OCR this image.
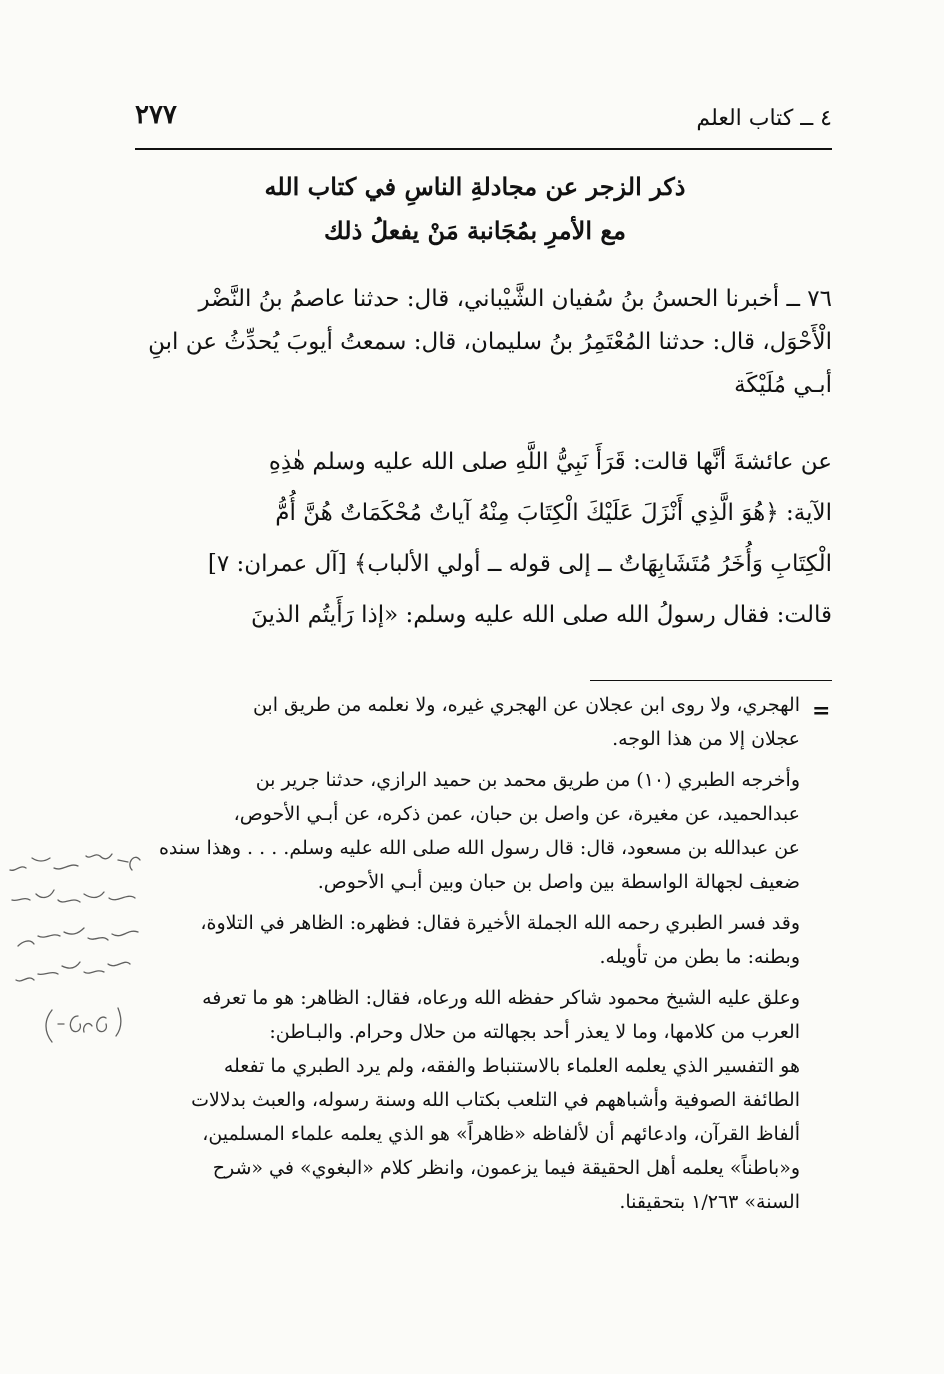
٢٧٧	٤ ــ كتاب العلم
ذكر الزجر عن مجادلةِ الناسِ في كتاب الله
مع الأمرِ بمُجَانبة مَنْ يفعلُ ذلك
٧٦ ــ أخبرنا الحسنُ بنُ سُفيان الشَّيْباني، قال: حدثنا عاصمُ بنُ النَّضْر
الْأَحْوَل، قال: حدثنا المُعْتَمِرُ بنُ سليمان، قال: سمعتُ أيوبَ يُحدِّثُ عن ابنِ
أبـي مُلَيْكَة
عن عائشةَ أنَّها قالت: قَرَأَ نَبِيُّ اللَّهِ صلى الله عليه وسلم هٰذِهِ
الآية: ﴿هُوَ الَّذِي أَنْزَلَ عَلَيْكَ الْكِتَابَ مِنْهُ آياتٌ مُحْكَمَاتٌ هُنَّ أُمُّ
الْكِتَابِ وَأُخَرُ مُتَشَابِهَاتٌ ــ إلى قوله ــ أولي الألباب﴾ [آل عمران: ٧]
قالت: فقال رسولُ الله صلى الله عليه وسلم: «إذا رَأَيتُم الذينَ
=
الهجري، ولا روى ابن عجلان عن الهجري غيره، ولا نعلمه من طريق ابن
عجلان إلا من هذا الوجه.
وأخرجه الطبري (١٠) من طريق محمد بن حميد الرازي، حدثنا جرير بن
عبدالحميد، عن مغيرة، عن واصل بن حبان، عمن ذكره، عن أبـي الأحوص،
عن عبدالله بن مسعود، قال: قال رسول الله صلى الله عليه وسلم. . . . وهذا سنده
ضعيف لجهالة الواسطة بين واصل بن حبان وبين أبـي الأحوص.
وقد فسر الطبري رحمه الله الجملة الأخيرة فقال: فظهره: الظاهر في التلاوة،
وبطنه: ما بطن من تأويله.
وعلق عليه الشيخ محمود شاكر حفظه الله ورعاه، فقال: الظاهر: هو ما تعرفه
العرب من كلامها، وما لا يعذر أحد بجهالته من حلال وحرام. والبـاطن:
هو التفسير الذي يعلمه العلماء بالاستنباط والفقه، ولم يرد الطبري ما تفعله
الطائفة الصوفية وأشباههم في التلعب بكتاب الله وسنة رسوله، والعبث بدلالات
ألفاظ القرآن، وادعائهم أن لألفاظه «ظاهراً» هو الذي يعلمه علماء المسلمين،
و«باطناً» يعلمه أهل الحقيقة فيما يزعمون، وانظر كلام «البغوي» في «شرح
السنة» ١/٢٦٣ بتحقيقنا.
